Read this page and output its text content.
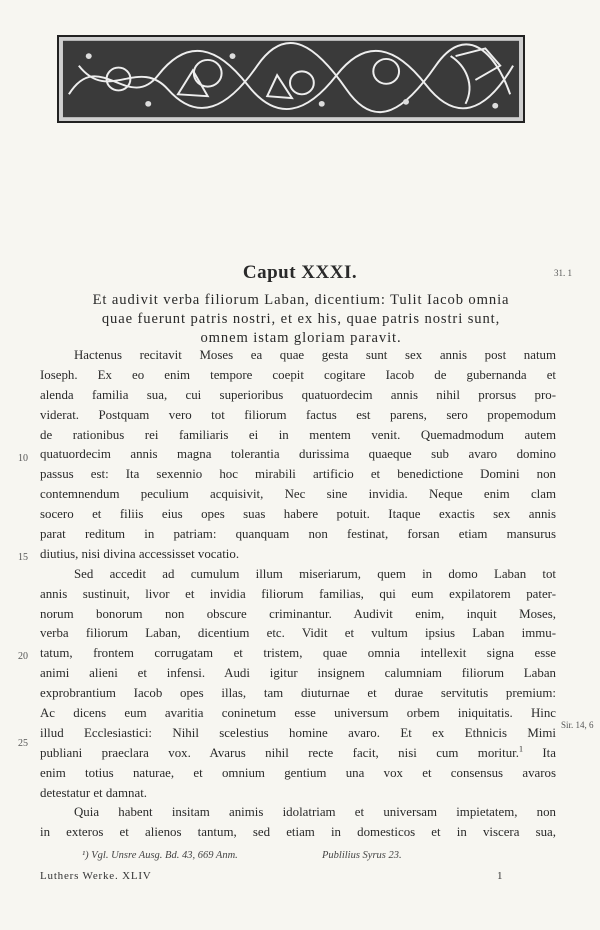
Caput XXXI.	31. 1
Et audivit verba filiorum Laban, dicentium: Tulit Iacob omnia
quae fuerunt patris nostri, et ex his, quae patris nostri sunt,
omnem istam gloriam paravit.
Hactenus recitavit Moses ea quae gesta sunt sex annis post natum
Ioseph. Ex eo enim tempore coepit cogitare Iacob de gubernanda et
alenda familia sua, cui superioribus quatuordecim annis nihil prorsus pro-
viderat. Postquam vero tot filiorum factus est parens, sero propemodum
de rationibus rei familiaris ei in mentem venit. Quemadmodum autem
quatuordecim annis magna tolerantia durissima quaeque sub avaro domino
passus est: Ita sexennio hoc mirabili artificio et benedictione Domini non
contemnendum peculium acquisivit, Nec sine invidia. Neque enim clam
socero et filiis eius opes suas habere potuit. Itaque exactis sex annis
parat reditum in patriam: quanquam non festinat, forsan etiam mansurus
diutius, nisi divina accessisset vocatio.
Sed accedit ad cumulum illum miseriarum, quem in domo Laban tot
annis sustinuit, livor et invidia filiorum familias, qui eum expilatorem pater-
norum bonorum non obscure criminantur. Audivit enim, inquit Moses,
verba filiorum Laban, dicentium etc. Vidit et vultum ipsius Laban immu-
tatum, frontem corrugatam et tristem, quae omnia intellexit signa esse
animi alieni et infensi. Audi igitur insignem calumniam filiorum Laban
exprobrantium Iacob opes illas, tam diuturnae et durae servitutis premium:
Ac dicens eum avaritia coninetum esse universum orbem iniquitatis. Hinc
illud Ecclesiastici: Nihil scelestius homine avaro. Et ex Ethnicis Mimi
publiani praeclara vox. Avarus nihil recte facit, nisi cum moritur.$^1$ Ita
enim totius naturae, et omnium gentium una vox et consensus avaros
detestatur et damnat.
Quia habent insitam animis idolatriam et universam impietatem, non
in exteros et alienos tantum, sed etiam in domesticos et in viscera sua,
10
15
20
25
Sir. 14, 6
¹) Vgl. Unsre Ausg. Bd. 43, 669 Anm.	Publilius Syrus 23.
Luthers Werke. XLIV	1
